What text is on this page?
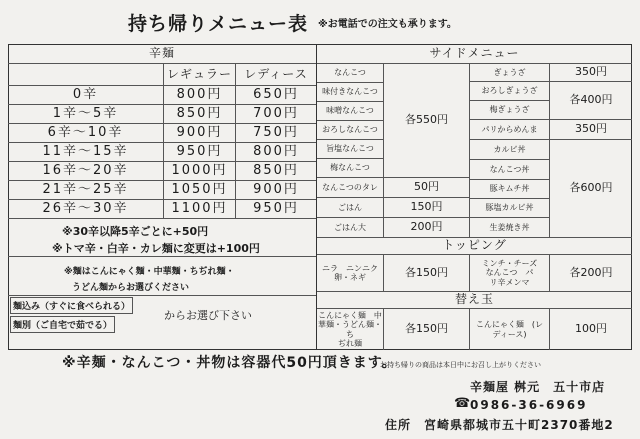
持ち帰りメニュー表 ※お電話での注文も承ります。
辛麺
レギュラー	レディース
0辛	800円	650円
1辛〜5辛	850円	700円
6辛〜10辛	900円	750円
11辛〜15辛	950円	800円
16辛〜20辛	1000円	850円
21辛〜25辛	1050円	900円
26辛〜30辛	1100円	950円
※30辛以降5辛ごとに+50円
※トマ辛・白辛・カレ麺に変更は+100円
※麺はこんにゃく麺・中華麺・ちぢれ麺・
うどん麺からお選びください
麺込み（すぐに食べられる）
麺別（ご自宅で茹でる）
からお選び下さい
サイドメニュー
なんこつ
味付きなんこつ
味噌なんこつ
おろしなんこつ
旨塩なんこつ
梅なんこつ
各550円
なんこつのタレ	50円
ごはん	150円
ごはん大	200円
ぎょうざ	350円
おろしぎょうざ
梅ぎょうざ
各400円
パリからめんま	350円
カルビ丼
なんこつ丼
豚キムチ丼
豚塩カルビ丼
生姜焼き丼
各600円
トッピング
ニラ　ニンニク
卵・ネギ	各150円
ミンチ・チーズ
なんこつ　パ
リ辛メンマ
各200円
替え玉
こんにゃく麺　中
華麺・うどん麺・ち
ぢれ麺
各150円	こんにゃく麺　(レ
ディース)	100円
※辛麺・なんこつ・丼物は容器代50円頂きます。
お持ち帰りの商品は本日中にお召し上がりください
辛麺屋 桝元　五十市店
☎ 0986-36-6969
住所　宮崎県都城市五十町2370番地2
